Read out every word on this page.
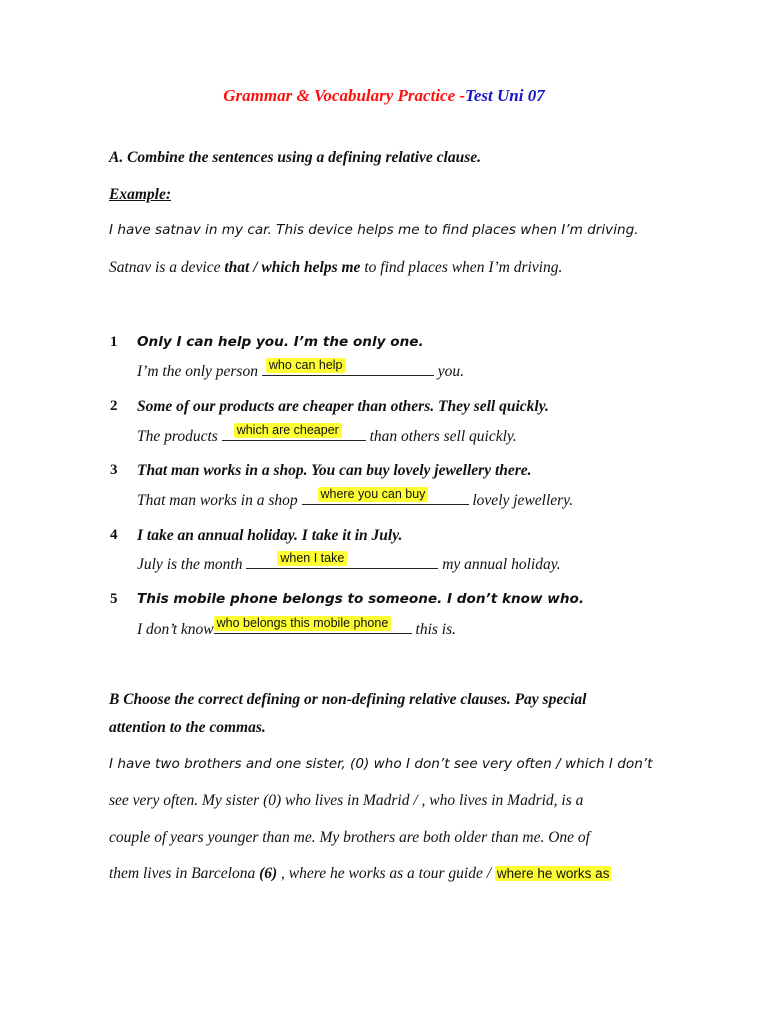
Grammar & Vocabulary Practice -Test Uni 07
A. Combine the sentences using a defining relative clause.
Example:
I have satnav in my car. This device helps me to find places when I’m driving.
Satnav is a device that / which helps me to find places when I’m driving.
1 Only I can help you. I’m the only one.
I’m the only person who can help	you.
2 Some of our products are cheaper than others. They sell quickly.
The products which are cheaper than others sell quickly.
3 That man works in a shop. You can buy lovely jewellery there.
That man works in a shop where you can buy	lovely jewellery.
4 I take an annual holiday. I take it in July.
July is the month	when I take	my annual holiday.
5 This mobile phone belongs to someone. I don’t know who.
I don’t know who belongs this mobile phone this is.
B Choose the correct defining or non-defining relative clauses. Pay special
attention to the commas.
I have two brothers and one sister, (0) who I don’t see very often / which I don’t
see very often. My sister (0) who lives in Madrid / , who lives in Madrid, is a
couple of years younger than me. My brothers are both older than me. One of
them lives in Barcelona (6) , where he works as a tour guide / where he works as
